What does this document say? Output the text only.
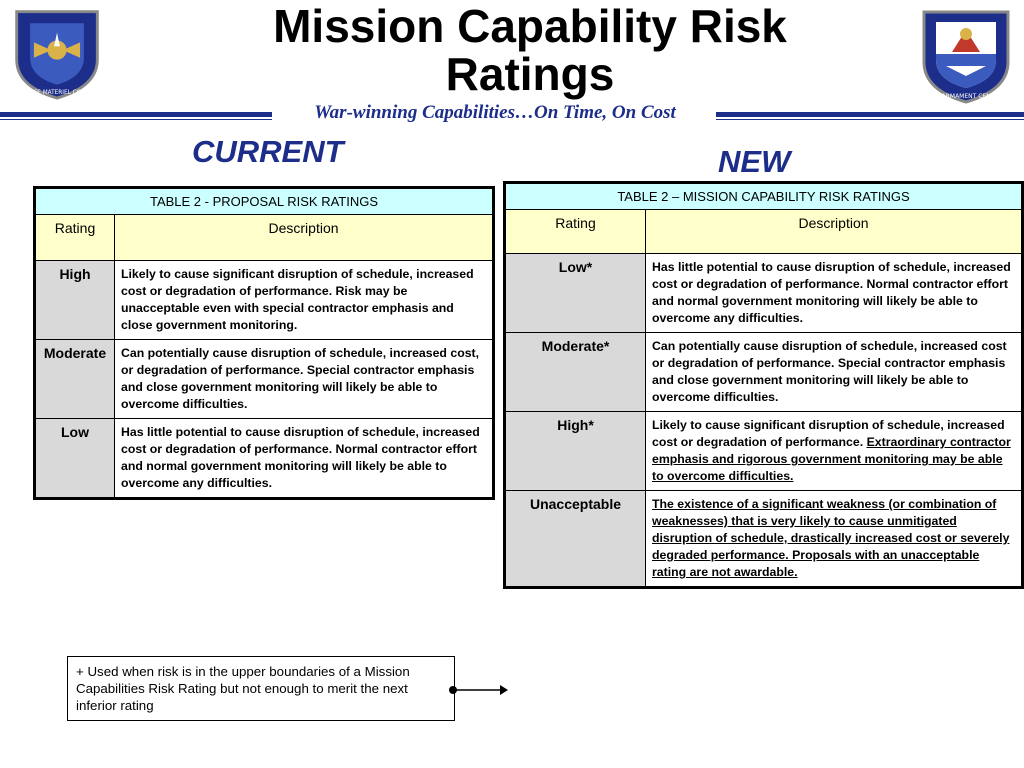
AIR FORCE MATERIEL COMMAND
Mission Capability Risk
Ratings	AIR ARMAMENT CENTER
War-winning Capabilities…On Time, On Cost
CURRENT	NEW
TABLE 2 - PROPOSAL RISK RATINGS	
Rating	Description
High	Likely to cause significant disruption of schedule, increased cost or degradation of performance. Risk may be unacceptable even with special contractor emphasis and close government monitoring.
Moderate	Can potentially cause disruption of schedule, increased cost, or degradation of performance. Special contractor emphasis and close government monitoring will likely be able to overcome difficulties.
Low	Has little potential to cause disruption of schedule, increased cost or degradation of performance. Normal contractor effort and normal government monitoring will likely be able to overcome any difficulties.
TABLE 2 – MISSION CAPABILITY RISK RATINGS	
Rating	Description
Low*	Has little potential to cause disruption of schedule, increased cost or degradation of performance. Normal contractor effort and normal government monitoring will likely be able to overcome any difficulties.
Moderate*	Can potentially cause disruption of schedule, increased cost or degradation of performance. Special contractor emphasis and close government monitoring will likely be able to overcome difficulties.
High*	Likely to cause significant disruption of schedule, increased cost or degradation of performance. Extraordinary contractor emphasis and rigorous government monitoring may be able to overcome difficulties.
Unacceptable	The existence of a significant weakness (or combination of weaknesses) that is very likely to cause unmitigated disruption of schedule, drastically increased cost or severely degraded performance. Proposals with an unacceptable rating are not awardable.
+ Used when risk is in the upper boundaries of a Mission Capabilities Risk Rating but not enough to merit the next inferior rating
